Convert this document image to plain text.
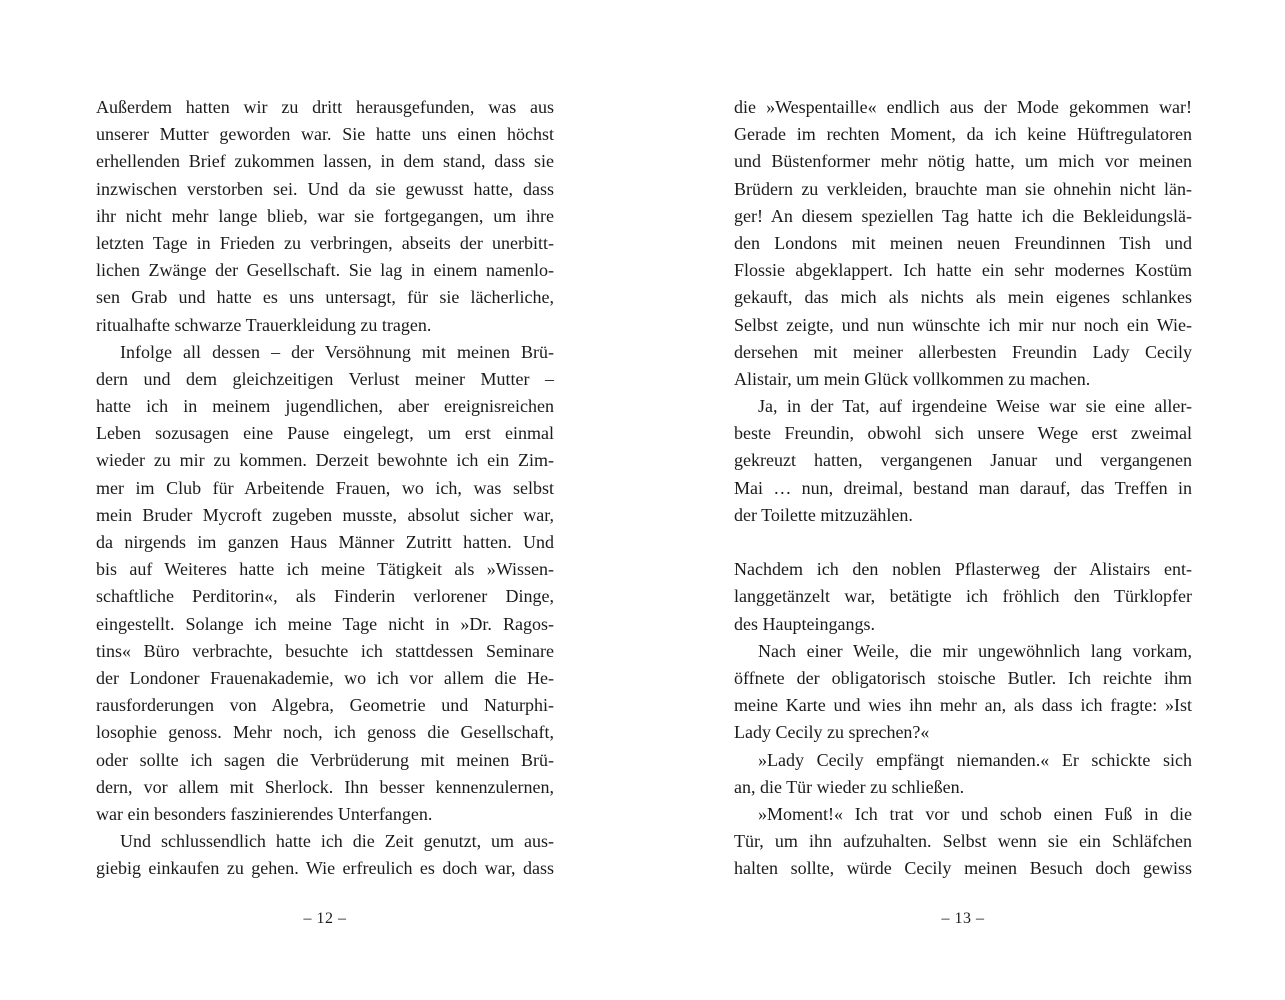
Außerdem hatten wir zu dritt herausgefunden, was aus
unserer Mutter geworden war. Sie hatte uns einen höchst
erhellenden Brief zukommen lassen, in dem stand, dass sie
inzwischen verstorben sei. Und da sie gewusst hatte, dass
ihr nicht mehr lange blieb, war sie fortgegangen, um ihre
letzten Tage in Frieden zu verbringen, abseits der unerbitt-
lichen Zwänge der Gesellschaft. Sie lag in einem namenlo-
sen Grab und hatte es uns untersagt, für sie lächerliche,
ritualhafte schwarze Trauerkleidung zu tragen.
Infolge all dessen – der Versöhnung mit meinen Brü-
dern und dem gleichzeitigen Verlust meiner Mutter –
hatte ich in meinem jugendlichen, aber ereignisreichen
Leben sozusagen eine Pause eingelegt, um erst einmal
wieder zu mir zu kommen. Derzeit bewohnte ich ein Zim-
mer im Club für Arbeitende Frauen, wo ich, was selbst
mein Bruder Mycroft zugeben musste, absolut sicher war,
da nirgends im ganzen Haus Männer Zutritt hatten. Und
bis auf Weiteres hatte ich meine Tätigkeit als »Wissen-
schaftliche Perditorin«, als Finderin verlorener Dinge,
eingestellt. Solange ich meine Tage nicht in »Dr. Ragos-
tins« Büro verbrachte, besuchte ich stattdessen Seminare
der Londoner Frauenakademie, wo ich vor allem die He-
rausforderungen von Algebra, Geometrie und Naturphi-
losophie genoss. Mehr noch, ich genoss die Gesellschaft,
oder sollte ich sagen die Verbrüderung mit meinen Brü-
dern, vor allem mit Sherlock. Ihn besser kennenzulernen,
war ein besonders faszinierendes Unterfangen.
Und schlussendlich hatte ich die Zeit genutzt, um aus-
giebig einkaufen zu gehen. Wie erfreulich es doch war, dass
die »Wespentaille« endlich aus der Mode gekommen war!
Gerade im rechten Moment, da ich keine Hüftregulatoren
und Büstenformer mehr nötig hatte, um mich vor meinen
Brüdern zu verkleiden, brauchte man sie ohnehin nicht län-
ger! An diesem speziellen Tag hatte ich die Bekleidungslä-
den Londons mit meinen neuen Freundinnen Tish und
Flossie abgeklappert. Ich hatte ein sehr modernes Kostüm
gekauft, das mich als nichts als mein eigenes schlankes
Selbst zeigte, und nun wünschte ich mir nur noch ein Wie-
dersehen mit meiner allerbesten Freundin Lady Cecily
Alistair, um mein Glück vollkommen zu machen.
Ja, in der Tat, auf irgendeine Weise war sie eine aller-
beste Freundin, obwohl sich unsere Wege erst zweimal
gekreuzt hatten, vergangenen Januar und vergangenen
Mai … nun, dreimal, bestand man darauf, das Treffen in
der Toilette mitzuzählen.
Nachdem ich den noblen Pflasterweg der Alistairs ent-
langgetänzelt war, betätigte ich fröhlich den Türklopfer
des Haupteingangs.
Nach einer Weile, die mir ungewöhnlich lang vorkam,
öffnete der obligatorisch stoische Butler. Ich reichte ihm
meine Karte und wies ihn mehr an, als dass ich fragte: »Ist
Lady Cecily zu sprechen?«
»Lady Cecily empfängt niemanden.« Er schickte sich
an, die Tür wieder zu schließen.
»Moment!« Ich trat vor und schob einen Fuß in die
Tür, um ihn aufzuhalten. Selbst wenn sie ein Schläfchen
halten sollte, würde Cecily meinen Besuch doch gewiss
– 12 –	– 13 –
